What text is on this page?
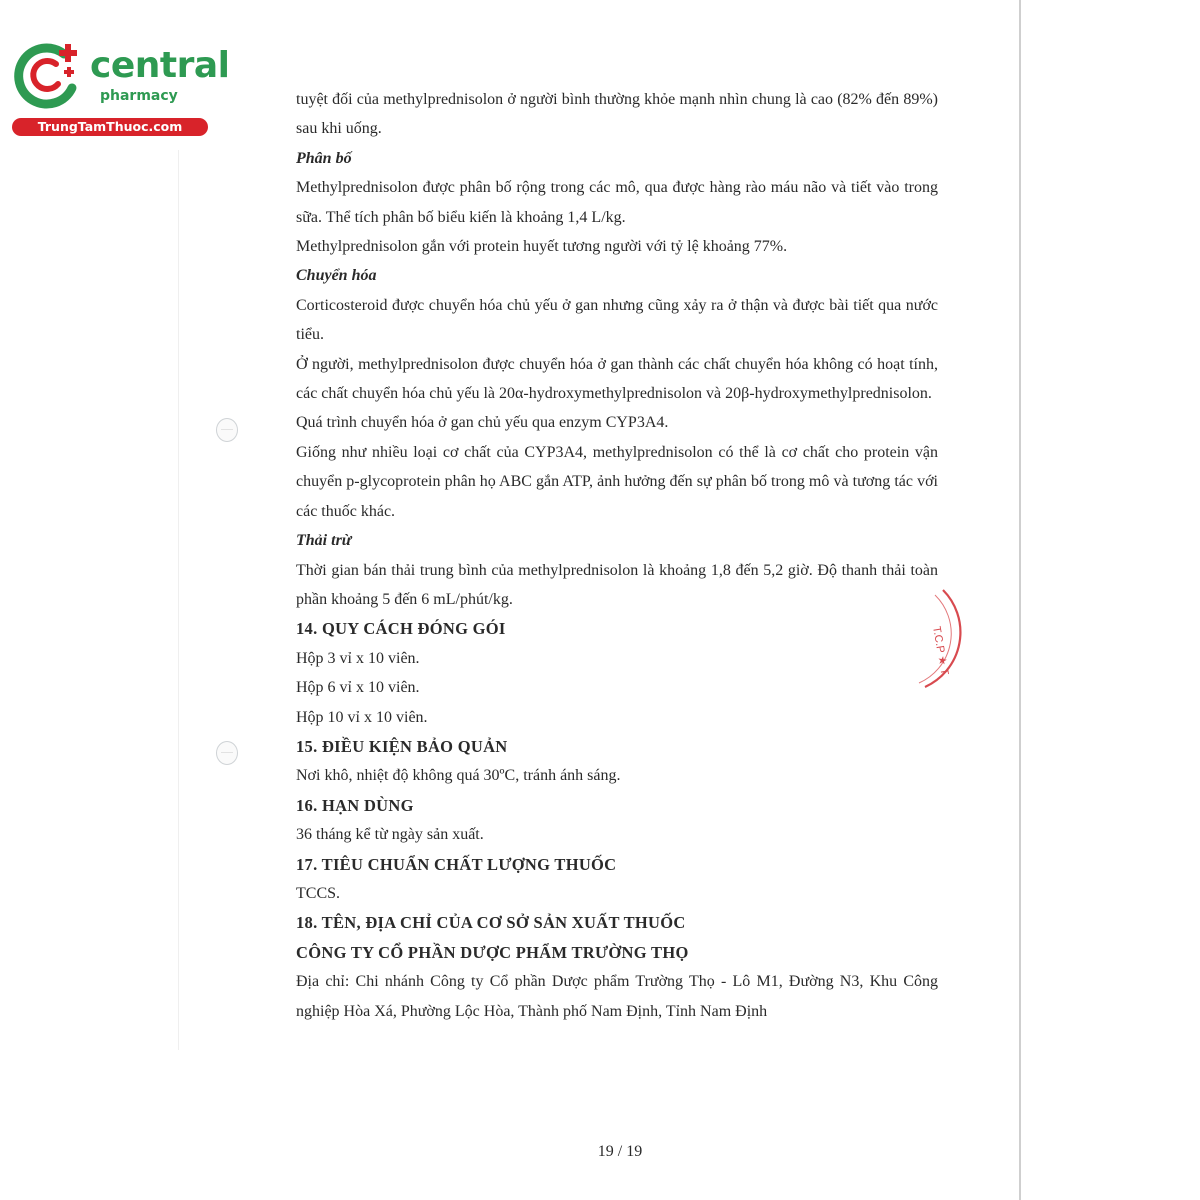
central
pharmacy
TrungTamThuoc.com

tuyệt đối của methylprednisolon ở người bình thường khỏe mạnh nhìn chung là cao (82% đến 89%) sau khi uống.

Phân bố

Methylprednisolon được phân bố rộng trong các mô, qua được hàng rào máu não và tiết vào trong sữa. Thể tích phân bố biểu kiến là khoảng 1,4 L/kg.

Methylprednisolon gắn với protein huyết tương người với tỷ lệ khoảng 77%.

Chuyển hóa

Corticosteroid được chuyển hóa chủ yếu ở gan nhưng cũng xảy ra ở thận và được bài tiết qua nước tiểu.

Ở người, methylprednisolon được chuyển hóa ở gan thành các chất chuyển hóa không có hoạt tính, các chất chuyển hóa chủ yếu là 20α-hydroxymethylprednisolon và 20β-hydroxymethylprednisolon.

Quá trình chuyển hóa ở gan chủ yếu qua enzym CYP3A4.

Giống như nhiều loại cơ chất của CYP3A4, methylprednisolon có thể là cơ chất cho protein vận chuyển p-glycoprotein phân họ ABC gắn ATP, ảnh hưởng đến sự phân bố trong mô và tương tác với các thuốc khác.

Thải trừ

Thời gian bán thải trung bình của methylprednisolon là khoảng 1,8 đến 5,2 giờ. Độ thanh thải toàn phần khoảng 5 đến 6 mL/phút/kg.

14. QUY CÁCH ĐÓNG GÓI

Hộp 3 vỉ x 10 viên.

Hộp 6 vỉ x 10 viên.

Hộp 10 vỉ x 10 viên.

15. ĐIỀU KIỆN BẢO QUẢN

Nơi khô, nhiệt độ không quá 30ºC, tránh ánh sáng.

16. HẠN DÙNG

36 tháng kể từ ngày sản xuất.

17. TIÊU CHUẨN CHẤT LƯỢNG THUỐC

TCCS.

18. TÊN, ĐỊA CHỈ CỦA CƠ SỞ SẢN XUẤT THUỐC

CÔNG TY CỔ PHẦN DƯỢC PHẨM TRƯỜNG THỌ

Địa chỉ: Chi nhánh Công ty Cổ phần Dược phẩm Trường Thọ - Lô M1, Đường N3, Khu Công nghiệp Hòa Xá, Phường Lộc Hòa, Thành phố Nam Định, Tỉnh Nam Định

T.C.P ★ T
19 / 19
